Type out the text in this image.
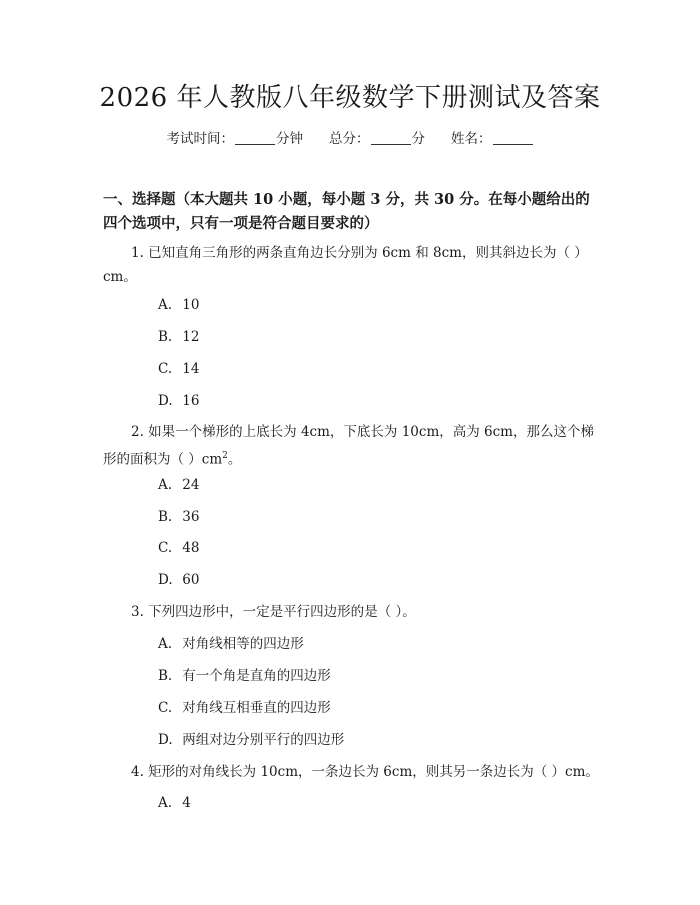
2026 年人教版八年级数学下册测试及答案
考试时间：	分钟 总分：	分 姓名：
一、选择题（本大题共 10 小题，每小题 3 分，共 30 分。在每小题给出的四个选项中，只有一项是符合题目要求的）
1. 已知直角三角形的两条直角边长分别为 6cm 和 8cm，则其斜边长为（ ）cm。
A. 10
B. 12
C. 14
D. 16
2. 如果一个梯形的上底长为 4cm，下底长为 10cm，高为 6cm，那么这个梯形的面积为（ ）$cm^2$。
A. 24
B. 36
C. 48
D. 60
3. 下列四边形中，一定是平行四边形的是（ ）。
A. 对角线相等的四边形
B. 有一个角是直角的四边形
C. 对角线互相垂直的四边形
D. 两组对边分别平行的四边形
4. 矩形的对角线长为 10cm，一条边长为 6cm，则其另一条边长为（ ）cm。
A. 4
